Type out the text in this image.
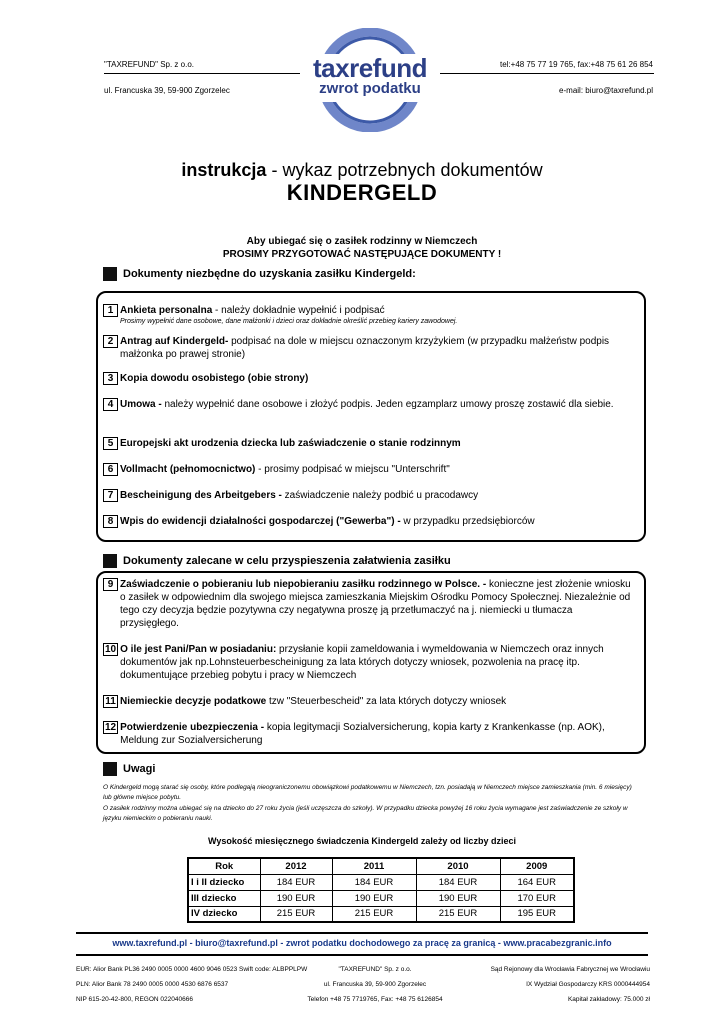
"TAXREFUND" Sp. z o.o.
ul. Francuska 39, 59-900 Zgorzelec
tel:+48 75 77 19 765, fax:+48 75 61 26 854
e-mail: biuro@taxrefund.pl
taxrefund
zwrot podatku
instrukcja - wykaz potrzebnych dokumentów
KINDERGELD
Aby ubiegać się o zasiłek rodzinny w Niemczech
PROSIMY PRZYGOTOWAĆ NASTĘPUJĄCE DOKUMENTY !
Dokumenty niezbędne do uzyskania zasiłku Kindergeld:
1 Ankieta personalna - należy dokładnie wypełnić i podpisać
Prosimy wypełnić dane osobowe, dane małżonki i dzieci oraz dokładnie określić przebieg kariery zawodowej.
2 Antrag auf Kindergeld- podpisać na dole w miejscu oznaczonym krzyżykiem (w przypadku małżeństw podpis małżonka po prawej stronie)
3 Kopia dowodu osobistego (obie strony)
4 Umowa - należy wypełnić dane osobowe i złożyć podpis. Jeden egzamplarz umowy proszę zostawić dla siebie.
5 Europejski akt urodzenia dziecka lub zaświadczenie o stanie rodzinnym
6 Vollmacht (pełnomocnictwo) - prosimy podpisać w miejscu "Unterschrift"
7 Bescheinigung des Arbeitgebers - zaświadczenie należy podbić u pracodawcy
8 Wpis do ewidencji działalności gospodarczej ("Gewerba") - w przypadku przedsiębiorców
Dokumenty zalecane w celu przyspieszenia załatwienia zasiłku
9 Zaświadczenie o pobieraniu lub niepobieraniu zasiłku rodzinnego w Polsce. - konieczne jest złożenie wniosku o zasiłek w odpowiednim dla swojego miejsca zamieszkania Miejskim Ośrodku Pomocy Społecznej. Niezależnie od tego czy decyzja będzie pozytywna czy negatywna proszę ją przetłumaczyć na j. niemiecki u tłumacza przysięgłego.
10 O ile jest Pani/Pan w posiadaniu: przysłanie kopii zameldowania i wymeldowania w Niemczech oraz innych dokumentów jak np.Lohnsteuerbescheinigung za lata których dotyczy wniosek, pozwolenia na pracę itp. dokumentujące przebieg pobytu i pracy w Niemczech
11 Niemieckie decyzje podatkowe tzw "Steuerbescheid" za lata których dotyczy wniosek
12 Potwierdzenie ubezpieczenia - kopia legitymacji Sozialversicherung, kopia karty z Krankenkasse (np. AOK), Meldung zur Sozialversicherung
Uwagi
O Kindergeld mogą starać się osoby, które podlegają nieograniczonemu obowiązkowi podatkowemu w Niemczech, tzn. posiadają w Niemczech miejsce zamieszkania (min. 6 miesięcy) lub główne miejsce pobytu.
O zasiłek rodzinny można ubiegać się na dziecko do 27 roku życia (jeśli uczęszcza do szkoły). W przypadku dziecka powyżej 16 roku życia wymagane jest zaświadczenie ze szkoły w języku niemieckim o pobieraniu nauki.
Wysokość miesięcznego świadczenia Kindergeld zależy od liczby dzieci
Rok	2012	2011	2010	2009
I i II dziecko	184 EUR	184 EUR	184 EUR	164 EUR
III dziecko	190 EUR	190 EUR	190 EUR	170 EUR
IV dziecko	215 EUR	215 EUR	215 EUR	195 EUR
www.taxrefund.pl - biuro@taxrefund.pl - zwrot podatku dochodowego za pracę za granicą - www.pracabezgranic.info
EUR: Alior Bank PL36 2490 0005 0000 4600 9046 0523 Swift code: ALBPPLPW
PLN: Alior Bank 78 2490 0005 0000 4530 6876 6537
NIP 615-20-42-800, REGON 022040666
"TAXREFUND" Sp. z o.o.
ul. Francuska 39, 59-900 Zgorzelec
Telefon +48 75 7719765, Fax: +48 75 6126854
Sąd Rejonowy dla Wrocławia Fabrycznej we Wrocławiu
IX Wydział Gospodarczy KRS 0000444954
Kapitał zakładowy: 75.000 zł
